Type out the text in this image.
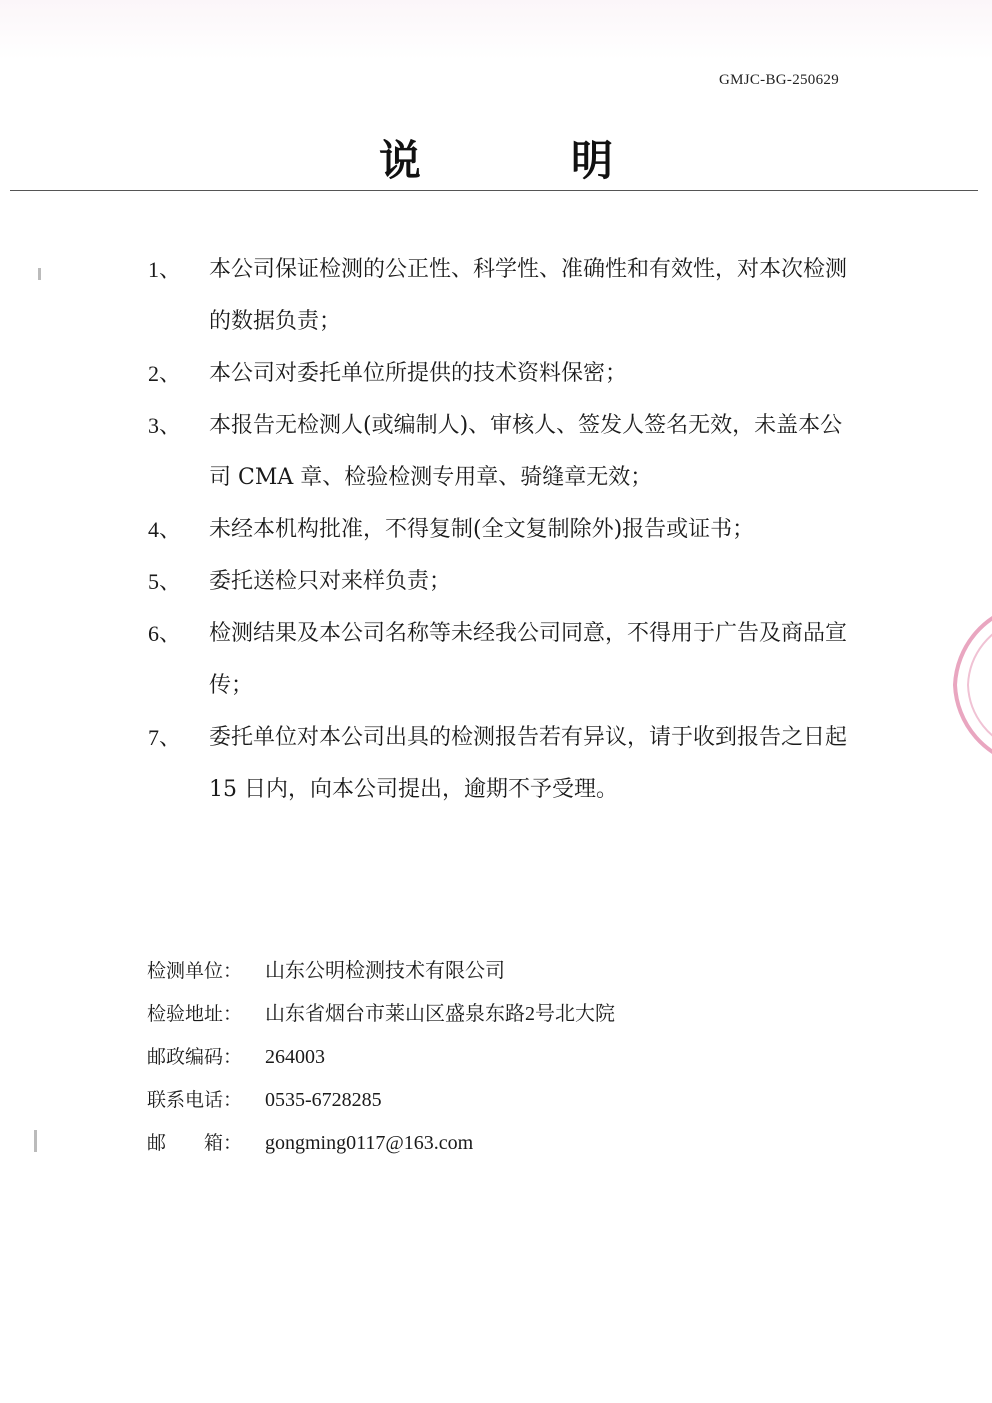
GMJC-BG-250629
说明
1、 本公司保证检测的公正性、科学性、准确性和有效性，对本次检测的数据负责；
2、 本公司对委托单位所提供的技术资料保密；
3、 本报告无检测人(或编制人)、审核人、签发人签名无效，未盖本公司 CMA 章、检验检测专用章、骑缝章无效；
4、 未经本机构批准，不得复制(全文复制除外)报告或证书；
5、 委托送检只对来样负责；
6、 检测结果及本公司名称等未经我公司同意，不得用于广告及商品宣传；
7、 委托单位对本公司出具的检测报告若有异议，请于收到报告之日起 15 日内，向本公司提出，逾期不予受理。
检测单位：	山东公明检测技术有限公司
检验地址：	山东省烟台市莱山区盛泉东路2号北大院
邮政编码：	264003
联系电话：	0535-6728285
邮　　箱：	gongming0117@163.com
